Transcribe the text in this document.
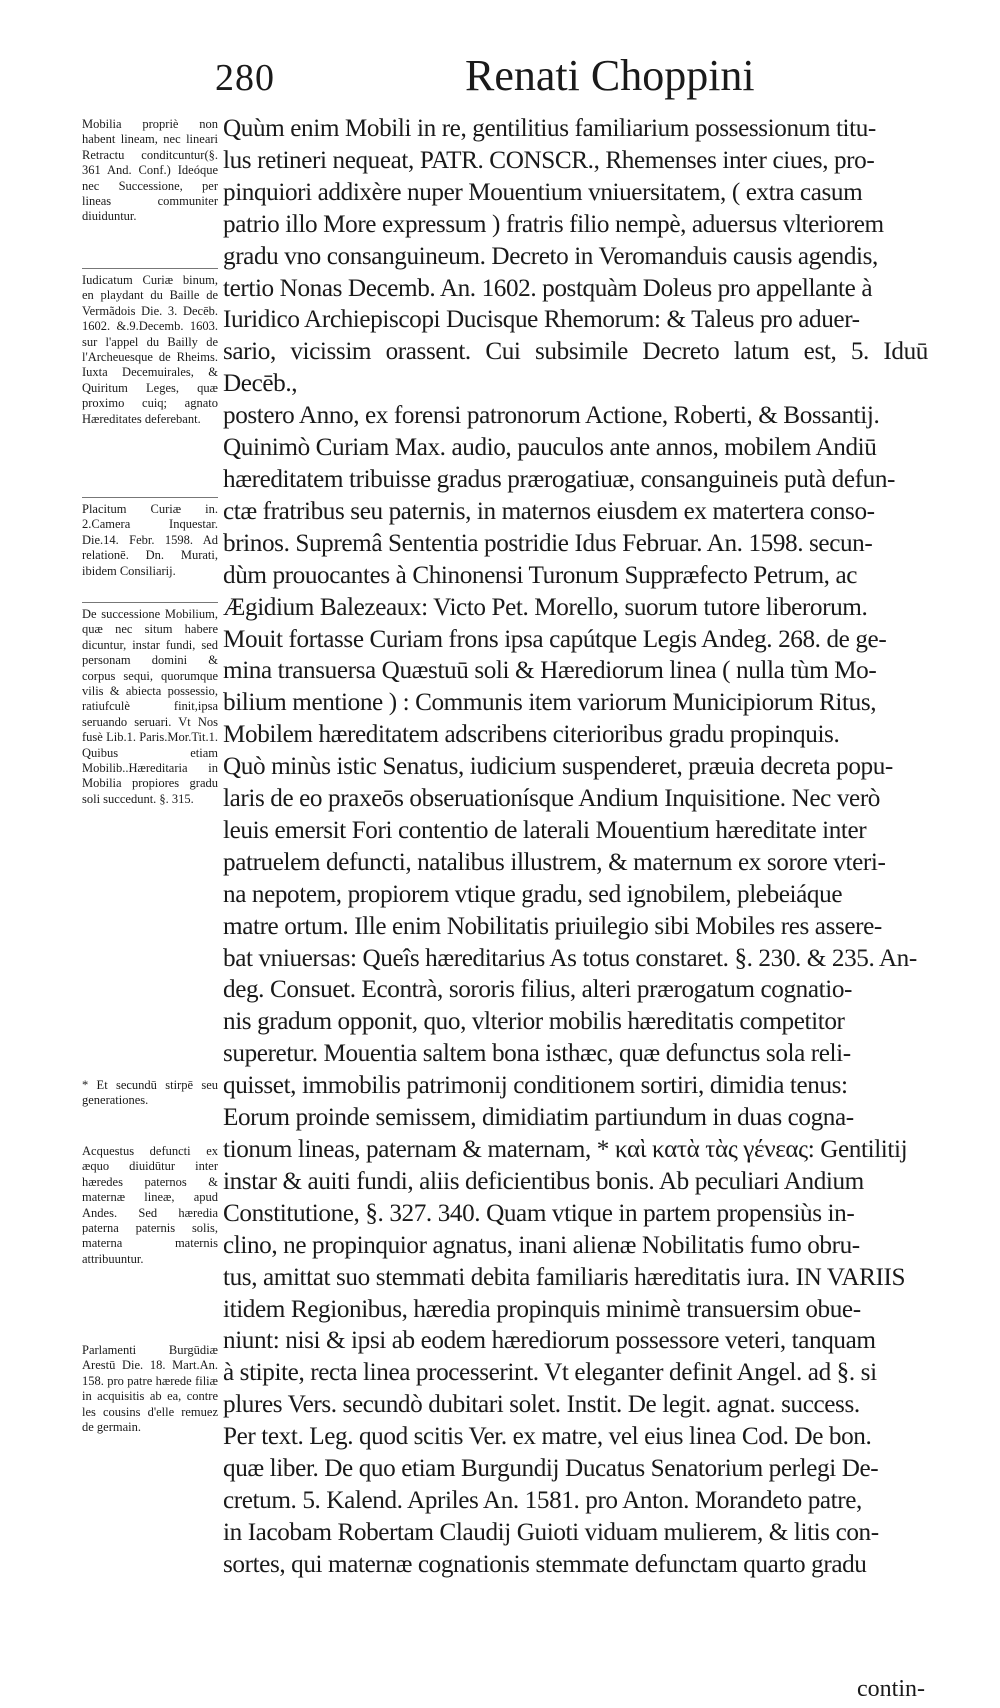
280	Renati Choppini
Mobilia propriè non habent lineam, nec lineari Retractu conditcuntur(§. 361 And. Conf.) Ideóque nec Successione, per lineas communiter diuiduntur.
Iudicatum Curiæ binum, en playdant du Baille de Vermãdois Die. 3. Decēb. 1602. &.9.Decemb. 1603. sur l'appel du Bailly de l'Archeuesque de Rheims. Iuxta Decemuirales, & Quiritum Leges, quæ proximo cuiq; agnato Hæreditates deferebant.
Placitum Curiæ in. 2.Camera Inquestar. Die.14. Febr. 1598. Ad relationē. Dn. Murati, ibidem Consiliarij.
De successione Mobilium, quæ nec situm habere dicuntur, instar fundi, sed personam domini & corpus sequi, quorumque vilis & abiecta possessio, ratiufculè finit,ipsa seruando seruari. Vt Nos fusè Lib.1. Paris.Mor.Tit.1. Quibus etiam Mobilib..Hæreditaria in Mobilia propiores gradu soli succedunt. §. 315.
* Et secundū stirpē seu generationes.
Acquestus defuncti ex æquo diuidūtur inter hæredes paternos & maternæ lineæ, apud Andes. Sed hæredia paterna paternis solis, materna maternis attribuuntur.
Parlamenti Burgūdiæ Arestū Die. 18. Mart.An. 158. pro patre hærede filiæ in acquisitis ab ea, contre les cousins d'elle remuez de germain.

Quùm enim Mobili in re, gentilitius familiarium possessionum titu-

lus retineri nequeat, PATR. CONSCR., Rhemenses inter ciues, pro-

pinquiori addixère nuper Mouentium vniuersitatem, ( extra casum

patrio illo More expressum ) fratris filio nempè, aduersus vlteriorem

gradu vno consanguineum. Decreto in Veromanduis causis agendis,

tertio Nonas Decemb. An. 1602. postquàm Doleus pro appellante à

Iuridico Archiepiscopi Ducisque Rhemorum: & Taleus pro aduer-

sario, vicissim orassent. Cui subsimile Decreto latum est, 5. Iduū Decēb.,

postero Anno, ex forensi patronorum Actione, Roberti, & Bossantij.

Quinimò Curiam Max. audio, pauculos ante annos, mobilem Andiū

hæreditatem tribuisse gradus prærogatiuæ, consanguineis putà defun-

ctæ fratribus seu paternis, in maternos eiusdem ex matertera conso-

brinos. Supremâ Sententia postridie Idus Februar. An. 1598. secun-

dùm prouocantes à Chinonensi Turonum Suppræfecto Petrum, ac

Ægidium Balezeaux: Victo Pet. Morello, suorum tutore liberorum.

Mouit fortasse Curiam frons ipsa capútque Legis Andeg. 268. de ge-

mina transuersa Quæstuū soli & Hærediorum linea ( nulla tùm Mo-

bilium mentione ) : Communis item variorum Municipiorum Ritus,

Mobilem hæreditatem adscribens citerioribus gradu propinquis.

Quò minùs istic Senatus, iudicium suspenderet, præuia decreta popu-

laris de eo praxeōs obseruationísque Andium Inquisitione. Nec verò

leuis emersit Fori contentio de laterali Mouentium hæreditate inter

patruelem defuncti, natalibus illustrem, & maternum ex sorore vteri-

na nepotem, propiorem vtique gradu, sed ignobilem, plebeiáque

matre ortum. Ille enim Nobilitatis priuilegio sibi Mobiles res assere-

bat vniuersas: Queîs hæreditarius As totus constaret. §. 230. & 235. An-

deg. Consuet. Econtrà, sororis filius, alteri prærogatum cognatio-

nis gradum opponit, quo, vlterior mobilis hæreditatis competitor

superetur. Mouentia saltem bona isthæc, quæ defunctus sola reli-

quisset, immobilis patrimonij conditionem sortiri, dimidia tenus:

Eorum proinde semissem, dimidiatim partiundum in duas cogna-

tionum lineas, paternam & maternam, * καὶ κατὰ τὰς γένεας: Gentilitij

instar & auiti fundi, aliis deficientibus bonis. Ab peculiari Andium

Constitutione, §. 327. 340. Quam vtique in partem propensiùs in-

clino, ne propinquior agnatus, inani alienæ Nobilitatis fumo obru-

tus, amittat suo stemmati debita familiaris hæreditatis iura. IN VARIIS

itidem Regionibus, hæredia propinquis minimè transuersim obue-

niunt: nisi & ipsi ab eodem hærediorum possessore veteri, tanquam

à stipite, recta linea processerint. Vt eleganter definit Angel. ad §. si

plures Vers. secundò dubitari solet. Instit. De legit. agnat. success.

Per text. Leg. quod scitis Ver. ex matre, vel eius linea Cod. De bon.

quæ liber. De quo etiam Burgundij Ducatus Senatorium perlegi De-

cretum. 5. Kalend. Apriles An. 1581. pro Anton. Morandeto patre,

in Iacobam Robertam Claudij Guioti viduam mulierem, & litis con-

sortes, qui maternæ cognationis stemmate defunctam quarto gradu

contin-
